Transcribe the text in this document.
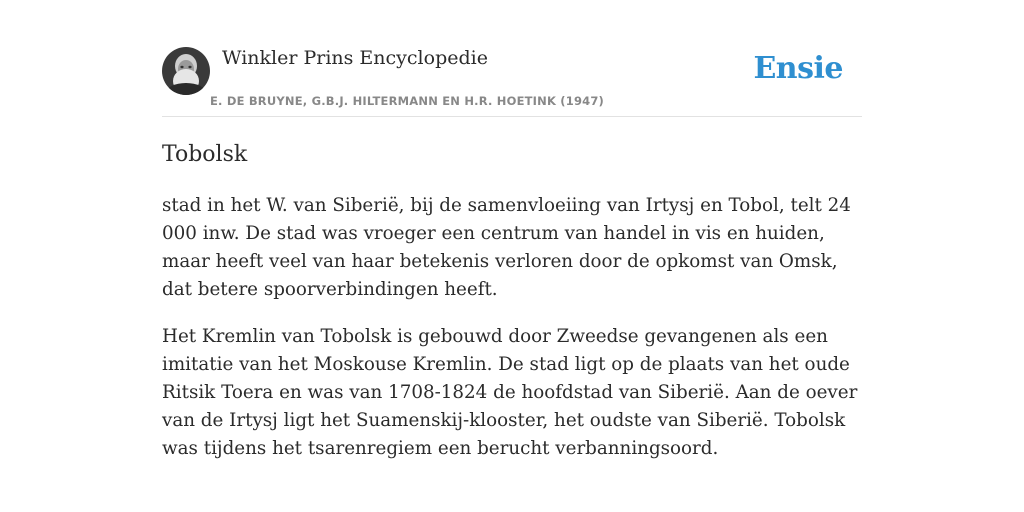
Winkler Prins Encyclopedie
E. DE BRUYNE, G.B.J. HILTERMANN EN H.R. HOETINK (1947)
Ensie
Tobolsk

stad in het W. van Siberië, bij de samenvloeiing van Irtysj en Tobol, telt 24 000 inw. De stad was vroeger een centrum van handel in vis en huiden, maar heeft veel van haar betekenis verloren door de opkomst van Omsk, dat betere spoorverbindingen heeft.

Het Kremlin van Tobolsk is gebouwd door Zweedse gevangenen als een imitatie van het Moskouse Kremlin. De stad ligt op de plaats van het oude Ritsik Toera en was van 1708-1824 de hoofdstad van Siberië. Aan de oever van de Irtysj ligt het Suamenskij-klooster, het oudste van Siberië. Tobolsk was tijdens het tsarenregiem een berucht verbanningsoord.
